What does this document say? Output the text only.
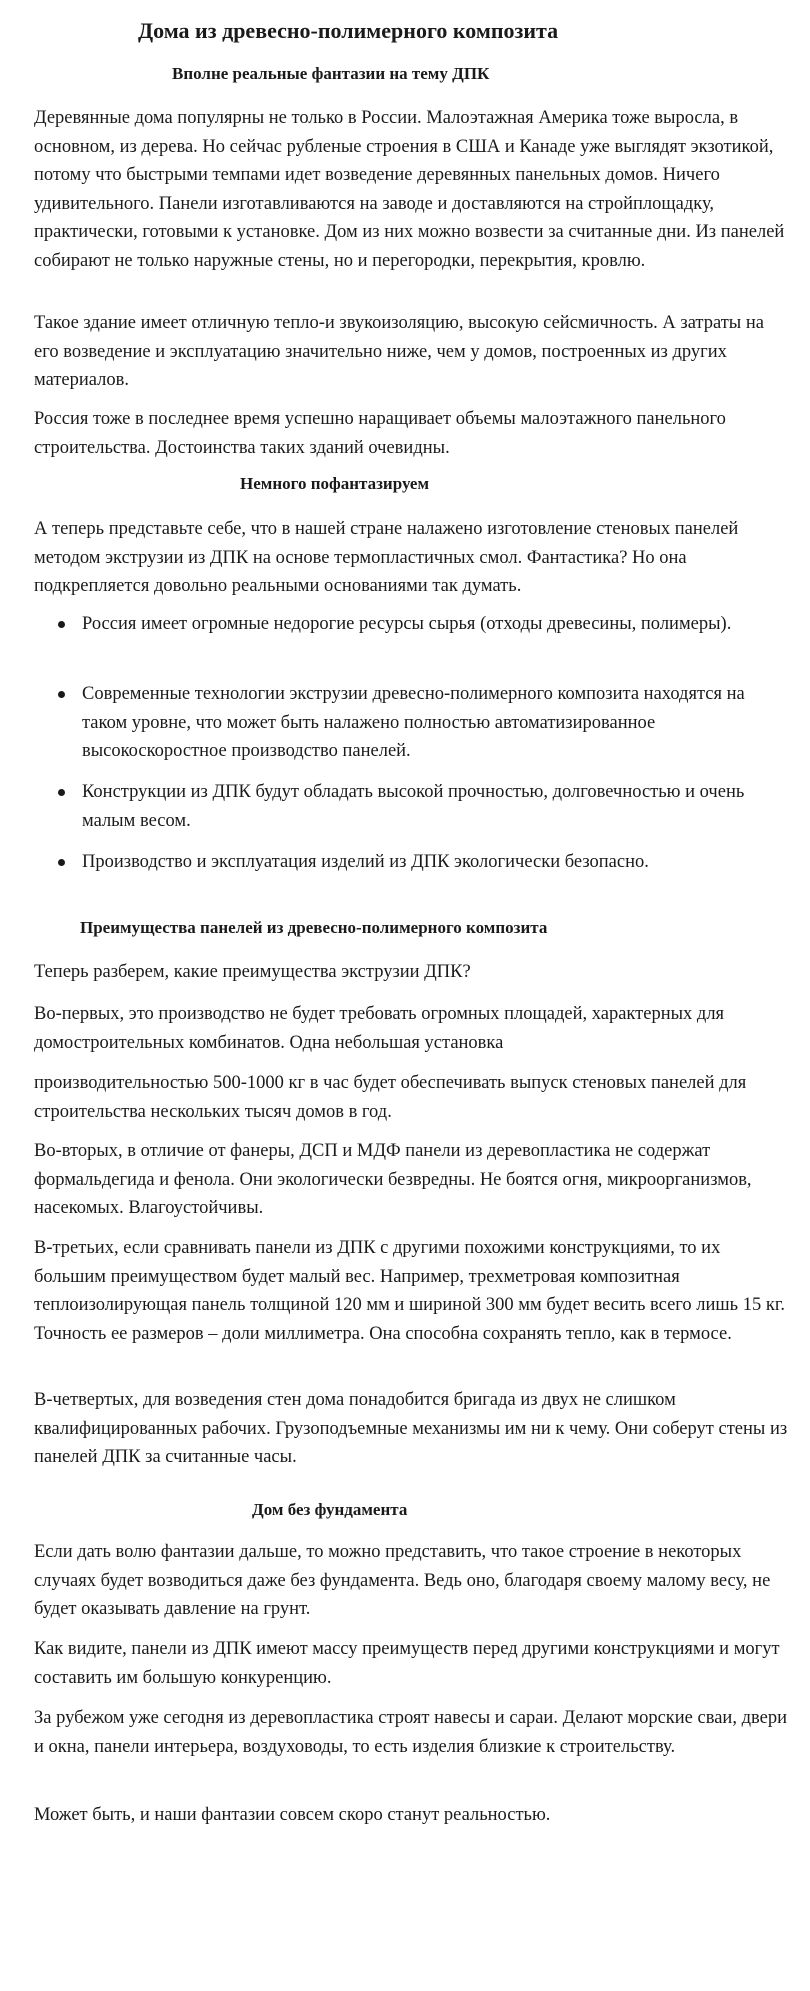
Дома из древесно-полимерного композита
Вполне реальные фантазии на тему ДПК

Деревянные дома популярны не только в России. Малоэтажная Америка тоже выросла, в основном, из дерева. Но сейчас рубленые строения в США и Канаде уже выглядят экзотикой, потому что быстрыми темпами идет возведение деревянных панельных домов. Ничего удивительного. Панели изготавливаются на заводе и доставляются на стройплощадку, практически, готовыми к установке. Дом из них можно возвести за считанные дни. Из панелей собирают не только наружные стены, но и перегородки, перекрытия, кровлю.

Такое здание имеет отличную тепло-и звукоизоляцию, высокую сейсмичность. А затраты на его возведение и эксплуатацию значительно ниже, чем у домов, построенных из других материалов.

Россия тоже в последнее время успешно наращивает объемы малоэтажного панельного строительства. Достоинства таких зданий очевидны.

Немного пофантазируем

А теперь представьте себе, что в нашей стране налажено изготовление стеновых панелей методом экструзии из ДПК на основе термопластичных смол. Фантастика? Но она подкрепляется довольно реальными основаниями так думать.

Россия имеет огромные недорогие ресурсы сырья (отходы древесины, полимеры).
Современные технологии экструзии древесно-полимерного композита находятся на таком уровне, что может быть налажено полностью автоматизированное высокоскоростное производство панелей.
Конструкции из ДПК будут обладать высокой прочностью, долговечностью и очень малым весом.
Производство и эксплуатация изделий из ДПК экологически безопасно.
Преимущества панелей из древесно-полимерного композита

Теперь разберем, какие преимущества экструзии ДПК?

Во-первых, это производство не будет требовать огромных площадей, характерных для домостроительных комбинатов. Одна небольшая установка

производительностью 500-1000 кг в час будет обеспечивать выпуск стеновых панелей для строительства нескольких тысяч домов в год.

Во-вторых, в отличие от фанеры, ДСП и МДФ панели из деревопластика не содержат формальдегида и фенола. Они экологически безвредны. Не боятся огня, микроорганизмов, насекомых. Влагоустойчивы.

В-третьих, если сравнивать панели из ДПК с другими похожими конструкциями, то их большим преимуществом будет малый вес. Например, трехметровая композитная теплоизолирующая панель толщиной 120 мм и шириной 300 мм будет весить всего лишь 15 кг. Точность ее размеров – доли миллиметра. Она способна сохранять тепло, как в термосе.

В-четвертых, для возведения стен дома понадобится бригада из двух не слишком квалифицированных рабочих. Грузоподъемные механизмы им ни к чему. Они соберут стены из панелей ДПК за считанные часы.

Дом без фундамента

Если дать волю фантазии дальше, то можно представить, что такое строение в некоторых случаях будет возводиться даже без фундамента. Ведь оно, благодаря своему малому весу, не будет оказывать давление на грунт.

Как видите, панели из ДПК имеют массу преимуществ перед другими конструкциями и могут составить им большую конкуренцию.

За рубежом уже сегодня из деревопластика строят навесы и сараи. Делают морские сваи, двери и окна, панели интерьера, воздуховоды, то есть изделия близкие к строительству.

Может быть, и наши фантазии совсем скоро станут реальностью.
